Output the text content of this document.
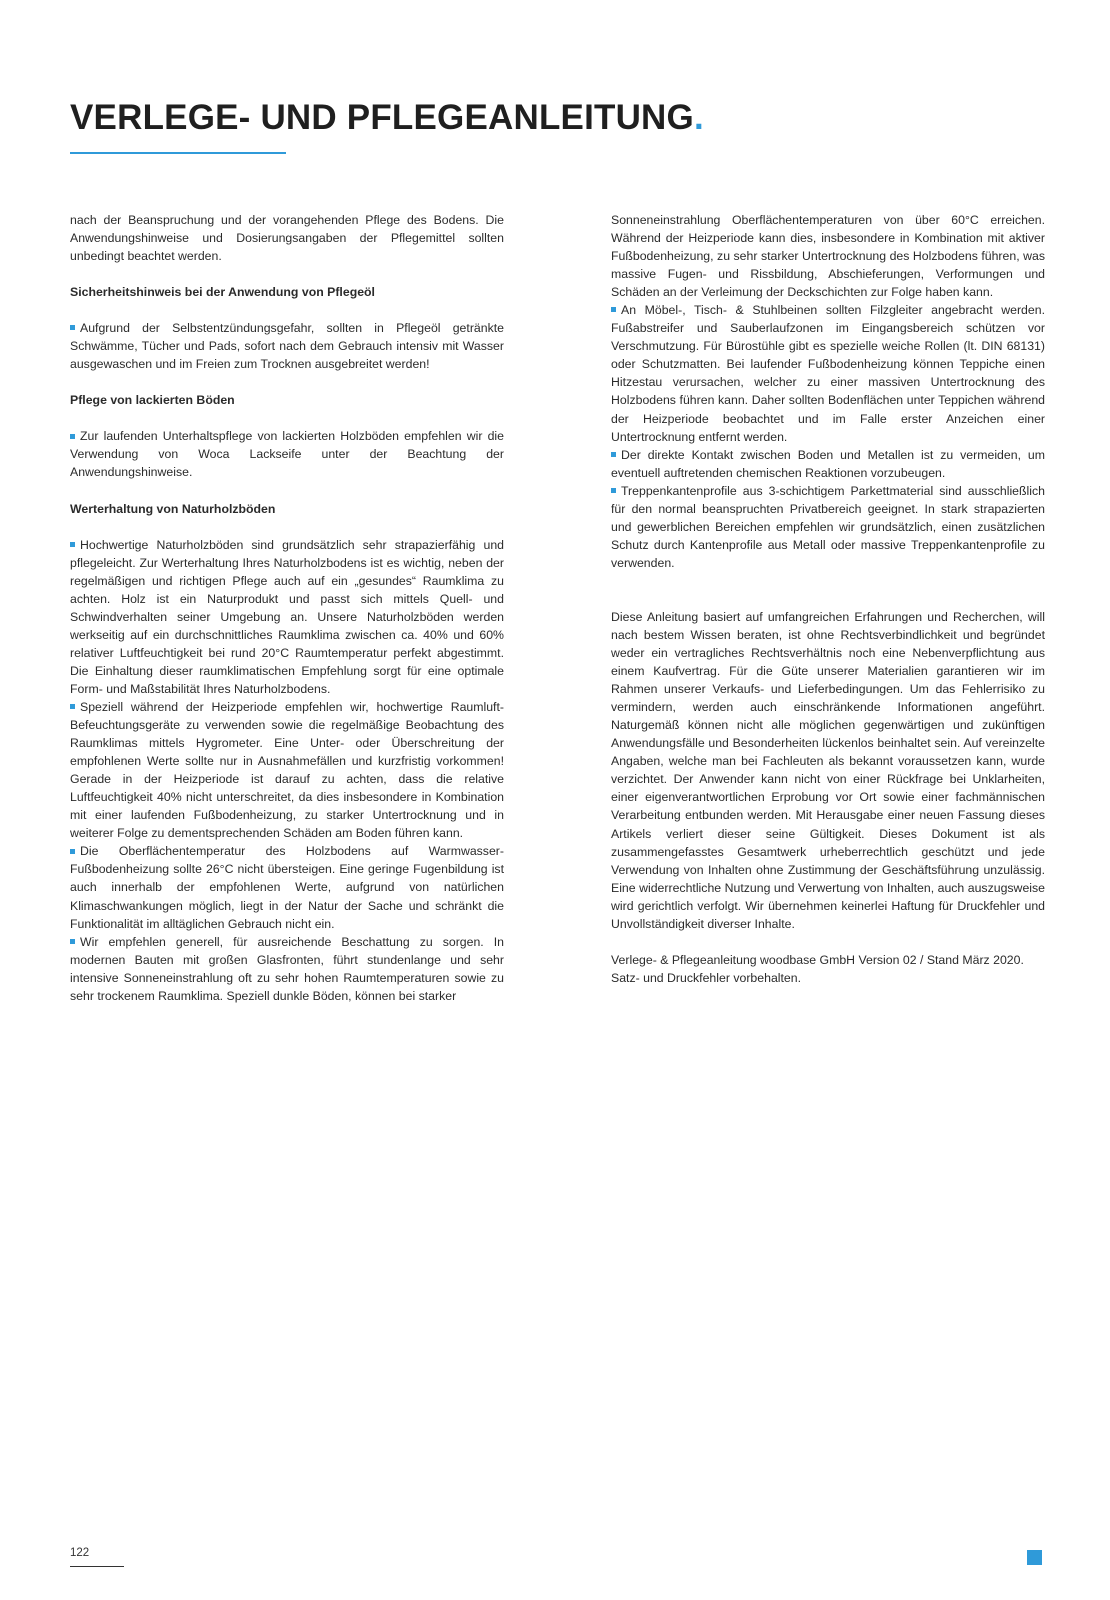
VERLEGE- UND PFLEGEANLEITUNG.

nach der Beanspruchung und der vorangehenden Pflege des Bodens. Die Anwendungshinweise und Dosierungsangaben der Pflegemittel sollten unbedingt beachtet werden.

Sicherheitshinweis bei der Anwendung von Pflegeöl

Aufgrund der Selbstentzündungsgefahr, sollten in Pflegeöl getränkte Schwämme, Tücher und Pads, sofort nach dem Gebrauch intensiv mit Wasser ausgewaschen und im Freien zum Trocknen ausgebreitet werden!

Pflege von lackierten Böden

Zur laufenden Unterhaltspflege von lackierten Holzböden empfehlen wir die Verwendung von Woca Lackseife unter der Beachtung der Anwendungshinweise.

Werterhaltung von Naturholzböden

Hochwertige Naturholzböden sind grundsätzlich sehr strapazierfähig und pflegeleicht. Zur Werterhaltung Ihres Naturholzbodens ist es wichtig, neben der regelmäßigen und richtigen Pflege auch auf ein „gesundes“ Raumklima zu achten. Holz ist ein Naturprodukt und passt sich mittels Quell- und Schwindverhalten seiner Umgebung an. Unsere Naturholzböden werden werkseitig auf ein durchschnittliches Raumklima zwischen ca. 40% und 60% relativer Luftfeuchtigkeit bei rund 20°C Raumtemperatur perfekt abgestimmt. Die Einhaltung dieser raumklimatischen Empfehlung sorgt für eine optimale Form- und Maßstabilität Ihres Naturholzbodens.

Speziell während der Heizperiode empfehlen wir, hochwertige Raumluft-Befeuchtungsgeräte zu verwenden sowie die regelmäßige Beobachtung des Raumklimas mittels Hygrometer. Eine Unter- oder Überschreitung der empfohlenen Werte sollte nur in Ausnahmefällen und kurzfristig vorkommen! Gerade in der Heizperiode ist darauf zu achten, dass die relative Luftfeuchtigkeit 40% nicht unterschreitet, da dies insbesondere in Kombination mit einer laufenden Fußbodenheizung, zu starker Untertrocknung und in weiterer Folge zu dementsprechenden Schäden am Boden führen kann.

Die Oberflächentemperatur des Holzbodens auf Warmwasser-Fußbodenheizung sollte 26°C nicht übersteigen. Eine geringe Fugenbildung ist auch innerhalb der empfohlenen Werte, aufgrund von natürlichen Klimaschwankungen möglich, liegt in der Natur der Sache und schränkt die Funktionalität im alltäglichen Gebrauch nicht ein.

Wir empfehlen generell, für ausreichende Beschattung zu sorgen. In modernen Bauten mit großen Glasfronten, führt stundenlange und sehr intensive Sonneneinstrahlung oft zu sehr hohen Raumtemperaturen sowie zu sehr trockenem Raumklima. Speziell dunkle Böden, können bei starker

Sonneneinstrahlung Oberflächentemperaturen von über 60°C erreichen. Während der Heizperiode kann dies, insbesondere in Kombination mit aktiver Fußbodenheizung, zu sehr starker Untertrocknung des Holzbodens führen, was massive Fugen- und Rissbildung, Abschieferungen, Verformungen und Schäden an der Verleimung der Deckschichten zur Folge haben kann.

An Möbel-, Tisch- & Stuhlbeinen sollten Filzgleiter angebracht werden. Fußabstreifer und Sauberlaufzonen im Eingangsbereich schützen vor Verschmutzung. Für Bürostühle gibt es spezielle weiche Rollen (lt. DIN 68131) oder Schutzmatten. Bei laufender Fußbodenheizung können Teppiche einen Hitzestau verursachen, welcher zu einer massiven Untertrocknung des Holzbodens führen kann. Daher sollten Bodenflächen unter Teppichen während der Heizperiode beobachtet und im Falle erster Anzeichen einer Untertrocknung entfernt werden.

Der direkte Kontakt zwischen Boden und Metallen ist zu vermeiden, um eventuell auftretenden chemischen Reaktionen vorzubeugen.

Treppenkantenprofile aus 3-schichtigem Parkettmaterial sind ausschließlich für den normal beanspruchten Privatbereich geeignet. In stark strapazierten und gewerblichen Bereichen empfehlen wir grundsätzlich, einen zusätzlichen Schutz durch Kantenprofile aus Metall oder massive Treppenkantenprofile zu verwenden.

Diese Anleitung basiert auf umfangreichen Erfahrungen und Recherchen, will nach bestem Wissen beraten, ist ohne Rechtsverbindlichkeit und begründet weder ein vertragliches Rechtsverhältnis noch eine Nebenverpflichtung aus einem Kaufvertrag. Für die Güte unserer Materialien garantieren wir im Rahmen unserer Verkaufs- und Lieferbedingungen. Um das Fehlerrisiko zu vermindern, werden auch einschränkende Informationen angeführt. Naturgemäß können nicht alle möglichen gegenwärtigen und zukünftigen Anwendungsfälle und Besonderheiten lückenlos beinhaltet sein. Auf vereinzelte Angaben, welche man bei Fachleuten als bekannt voraussetzen kann, wurde verzichtet. Der Anwender kann nicht von einer Rückfrage bei Unklarheiten, einer eigenverantwortlichen Erprobung vor Ort sowie einer fachmännischen Verarbeitung entbunden werden. Mit Herausgabe einer neuen Fassung dieses Artikels verliert dieser seine Gültigkeit. Dieses Dokument ist als zusammengefasstes Gesamtwerk urheberrechtlich geschützt und jede Verwendung von Inhalten ohne Zustimmung der Geschäftsführung unzulässig. Eine widerrechtliche Nutzung und Verwertung von Inhalten, auch auszugsweise wird gerichtlich verfolgt. Wir übernehmen keinerlei Haftung für Druckfehler und Unvollständigkeit diverser Inhalte.

Verlege- & Pflegeanleitung woodbase GmbH Version 02 / Stand März 2020.

Satz- und Druckfehler vorbehalten.

122
